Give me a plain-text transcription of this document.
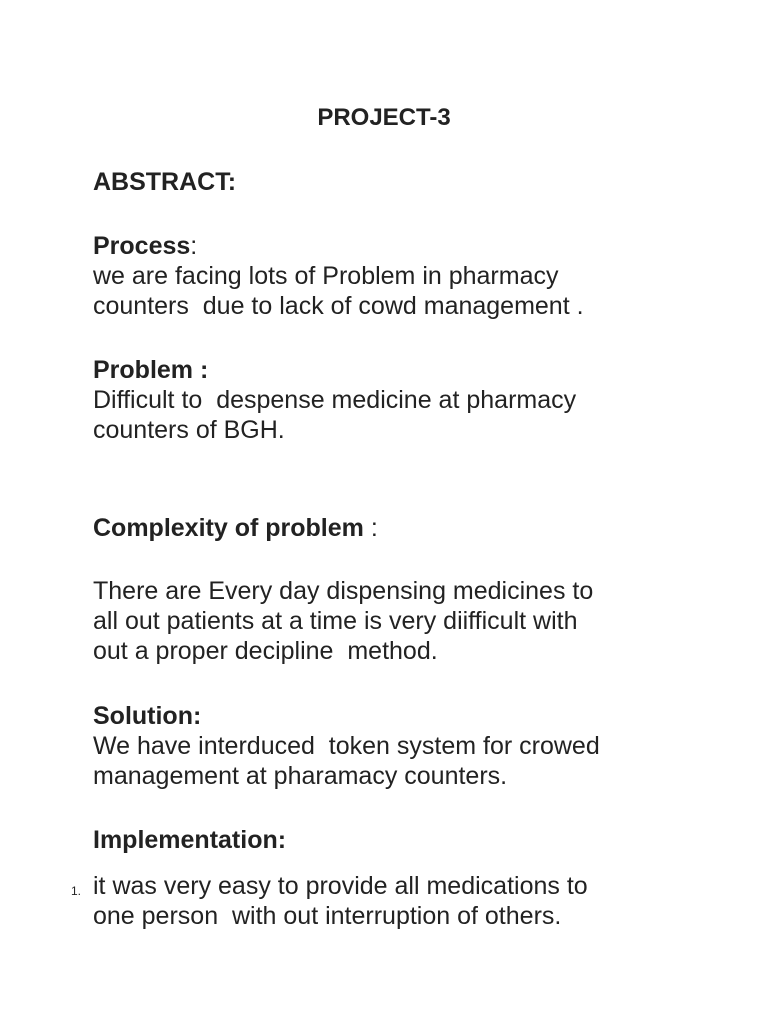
PROJECT-3
ABSTRACT:
Process:
we are facing lots of Problem in pharmacy
counters  due to lack of cowd management .
Problem :
Difficult to  despense medicine at pharmacy
counters of BGH.
Complexity of problem :
There are Every day dispensing medicines to
all out patients at a time is very diifficult with
out a proper decipline  method.
Solution:
We have interduced  token system for crowed
management at pharamacy counters.
Implementation:
1. it was very easy to provide all medications to
one person  with out interruption of others.
